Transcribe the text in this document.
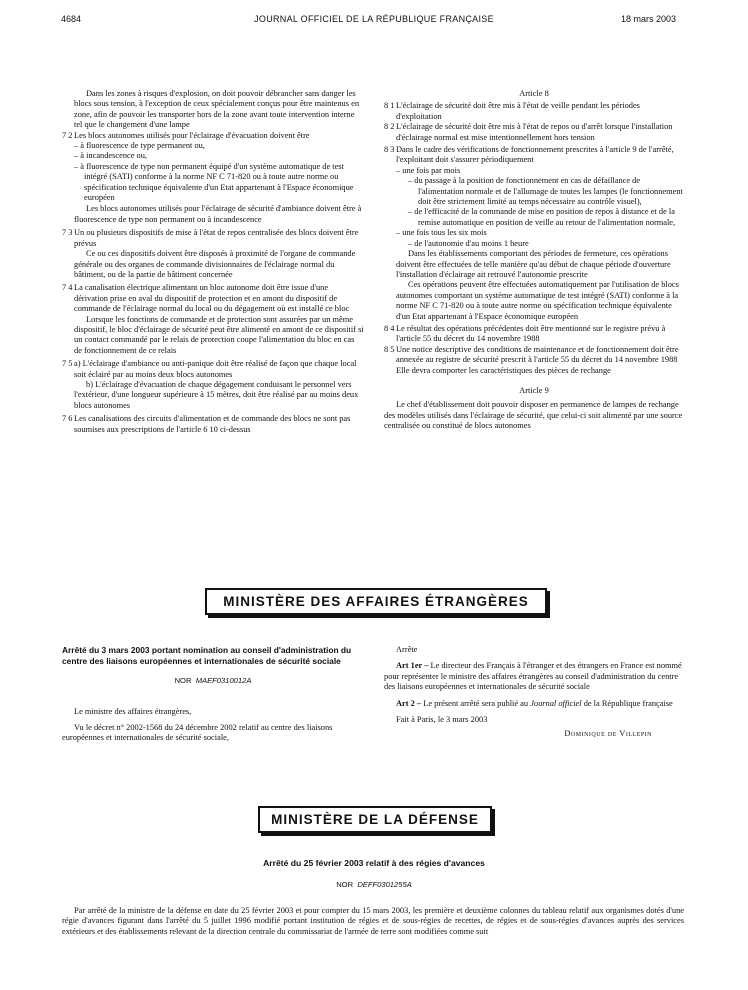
4684	JOURNAL OFFICIEL DE LA RÉPUBLIQUE FRANÇAISE	18 mars 2003

Dans les zones à risques d'explosion, on doit pouvoir débrancher sans danger les blocs sous tension, à l'exception de ceux spécialement conçus pour être maintenus en zone, afin de pouvoir les transporter hors de la zone avant toute intervention interne tel que le changement d'une lampe

7 2 Les blocs autonomes utilisés pour l'éclairage d'évacuation doivent être

– à fluorescence de type permanent ou,

– à incandescence ou,

– à fluorescence de type non permanent équipé d'un système automatique de test intégré (SATI) conforme à la norme NF C 71-820 ou à toute autre norme ou spécification technique équivalente d'un Etat appartenant à l'Espace économique européen

Les blocs autonomes utilisés pour l'éclairage de sécurité d'ambiance doivent être à fluorescence de type non permanent ou à incandescence

7 3 Un ou plusieurs dispositifs de mise à l'état de repos centralisée des blocs doivent être prévus

Ce ou ces dispositifs doivent être disposés à proximité de l'organe de commande générale ou des organes de commande divisionnaires de l'éclairage normal du bâtiment, ou de la partie de bâtiment concernée

7 4 La canalisation électrique alimentant un bloc autonome doit être issue d'une dérivation prise en aval du dispositif de protection et en amont du dispositif de commande de l'éclairage normal du local ou du dégagement où est installé ce bloc

Lorsque les fonctions de commande et de protection sont assurées par un même dispositif, le bloc d'éclairage de sécurité peut être alimenté en amont de ce dispositif si un contact commandé par le relais de protection coupe l'alimentation du bloc en cas de fonctionnement de ce relais

7 5 a) L'éclairage d'ambiance ou anti-panique doit être réalisé de façon que chaque local soit éclairé par au moins deux blocs autonomes

b) L'éclairage d'évacuation de chaque dégagement conduisant le personnel vers l'extérieur, d'une longueur supérieure à 15 mètres, doit être réalisé par au moins deux blocs autonomes

7 6 Les canalisations des circuits d'alimentation et de commande des blocs ne sont pas soumises aux prescriptions de l'article 6 10 ci-dessus

Article 8

8 1 L'éclairage de sécurité doit être mis à l'état de veille pendant les périodes d'exploitation

8 2 L'éclairage de sécurité doit être mis à l'état de repos ou d'arrêt lorsque l'installation d'éclairage normal est mise intentionnellement hors tension

8 3 Dans le cadre des vérifications de fonctionnement prescrites à l'article 9 de l'arrêté, l'exploitant doit s'assurer périodiquement

– une fois par mois

– du passage à la position de fonctionnement en cas de défaillance de l'alimentation normale et de l'allumage de toutes les lampes (le fonctionnement doit être strictement limité au temps nécessaire au contrôle visuel),

– de l'efficacité de la commande de mise en position de repos à distance et de la remise automatique en position de veille au retour de l'alimentation normale,

– une fois tous les six mois

– de l'autonomie d'au moins 1 heure

Dans les établissements comportant des périodes de fermeture, ces opérations doivent être effectuées de telle manière qu'au début de chaque période d'ouverture l'installation d'éclairage ait retrouvé l'autonomie prescrite

Ces opérations peuvent être effectuées automatiquement par l'utilisation de blocs autonomes comportant un système automatique de test intégré (SATI) conforme à la norme NF C 71-820 ou à toute autre norme ou spécification technique équivalente d'un Etat appartenant à l'Espace économique européen

8 4 Le résultat des opérations précédentes doit être mentionné sur le registre prévu à l'article 55 du décret du 14 novembre 1988

8 5 Une notice descriptive des conditions de maintenance et de fonctionnement doit être annexée au registre de sécurité prescrit à l'article 55 du décret du 14 novembre 1988 Elle devra comporter les caractéristiques des pièces de rechange

Article 9

Le chef d'établissement doit pouvoir disposer en permanence de lampes de rechange des modèles utilisés dans l'éclairage de sécurité, que celui-ci soit alimenté par une source centralisée ou constitué de blocs autonomes

MINISTÈRE DES AFFAIRES ÉTRANGÈRES

Arrêté du 3 mars 2003 portant nomination au conseil d'administration du centre des liaisons européennes et internationales de sécurité sociale

NOR MAEF0310012A

Le ministre des affaires étrangères,

Vu le décret n° 2002-1568 du 24 décembre 2002 relatif au centre des liaisons européennes et internationales de sécurité sociale,

Arrête

Art 1er – Le directeur des Français à l'étranger et des étrangers en France est nommé pour représenter le ministre des affaires étrangères au conseil d'administration du centre des liaisons européennes et internationales de sécurité sociale

Art 2 – Le présent arrêté sera publié au Journal officiel de la République française

Fait à Paris, le 3 mars 2003

Dominique de Villepin

MINISTÈRE DE LA DÉFENSE
Arrêté du 25 février 2003 relatif à des régies d'avances
NOR DEFF0301255A

Par arrêté de la ministre de la défense en date du 25 février 2003 et pour compter du 15 mars 2003, les première et deuxième colonnes du tableau relatif aux organismes dotés d'une régie d'avances figurant dans l'arrêté du 5 juillet 1996 modifié portant institution de régies et de sous-régies de recettes, de régies et de sous-régies d'avances auprès des services extérieurs et des établissements relevant de la direction centrale du commissariat de l'armée de terre sont modifiées comme suit
